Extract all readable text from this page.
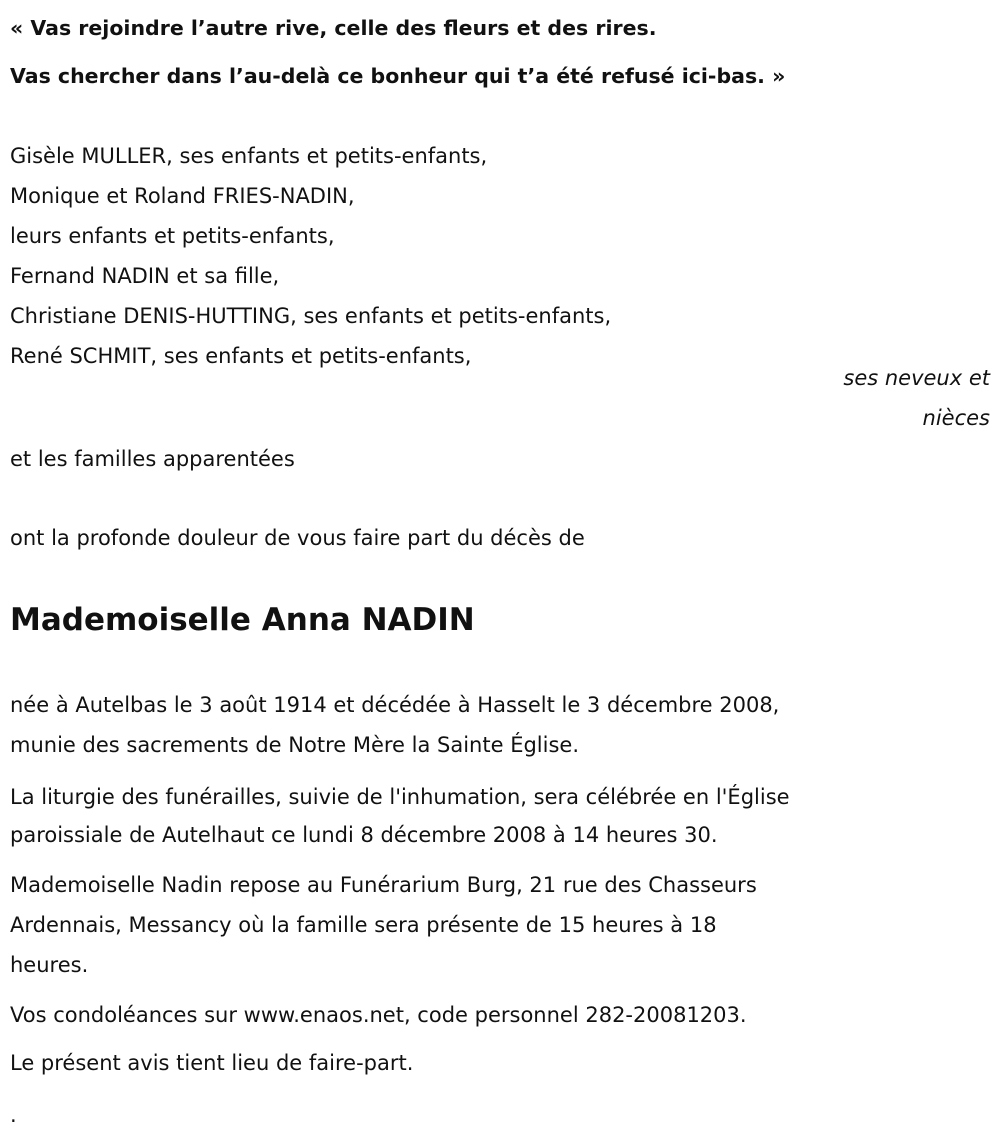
« Vas rejoindre l’autre rive, celle des fleurs et des rires.
Vas chercher dans l’au-delà ce bonheur qui t’a été refusé ici-bas. »
Gisèle MULLER, ses enfants et petits-enfants,
Monique et Roland FRIES-NADIN,
leurs enfants et petits-enfants,
Fernand NADIN et sa fille,
Christiane DENIS-HUTTING, ses enfants et petits-enfants,
René SCHMIT, ses enfants et petits-enfants,
ses neveux et
nièces
et les familles apparentées
ont la profonde douleur de vous faire part du décès de
Mademoiselle Anna NADIN
née à Autelbas le 3 août 1914 et décédée à Hasselt le 3 décembre 2008,
munie des sacrements de Notre Mère la Sainte Église.
La liturgie des funérailles, suivie de l'inhumation, sera célébrée en l'Église
paroissiale de Autelhaut ce lundi 8 décembre 2008 à 14 heures 30.
Mademoiselle Nadin repose au Funérarium Burg, 21 rue des Chasseurs
Ardennais, Messancy où la famille sera présente de 15 heures à 18
heures.
Vos condoléances sur www.enaos.net, code personnel 282-20081203.
Le présent avis tient lieu de faire-part.
.
